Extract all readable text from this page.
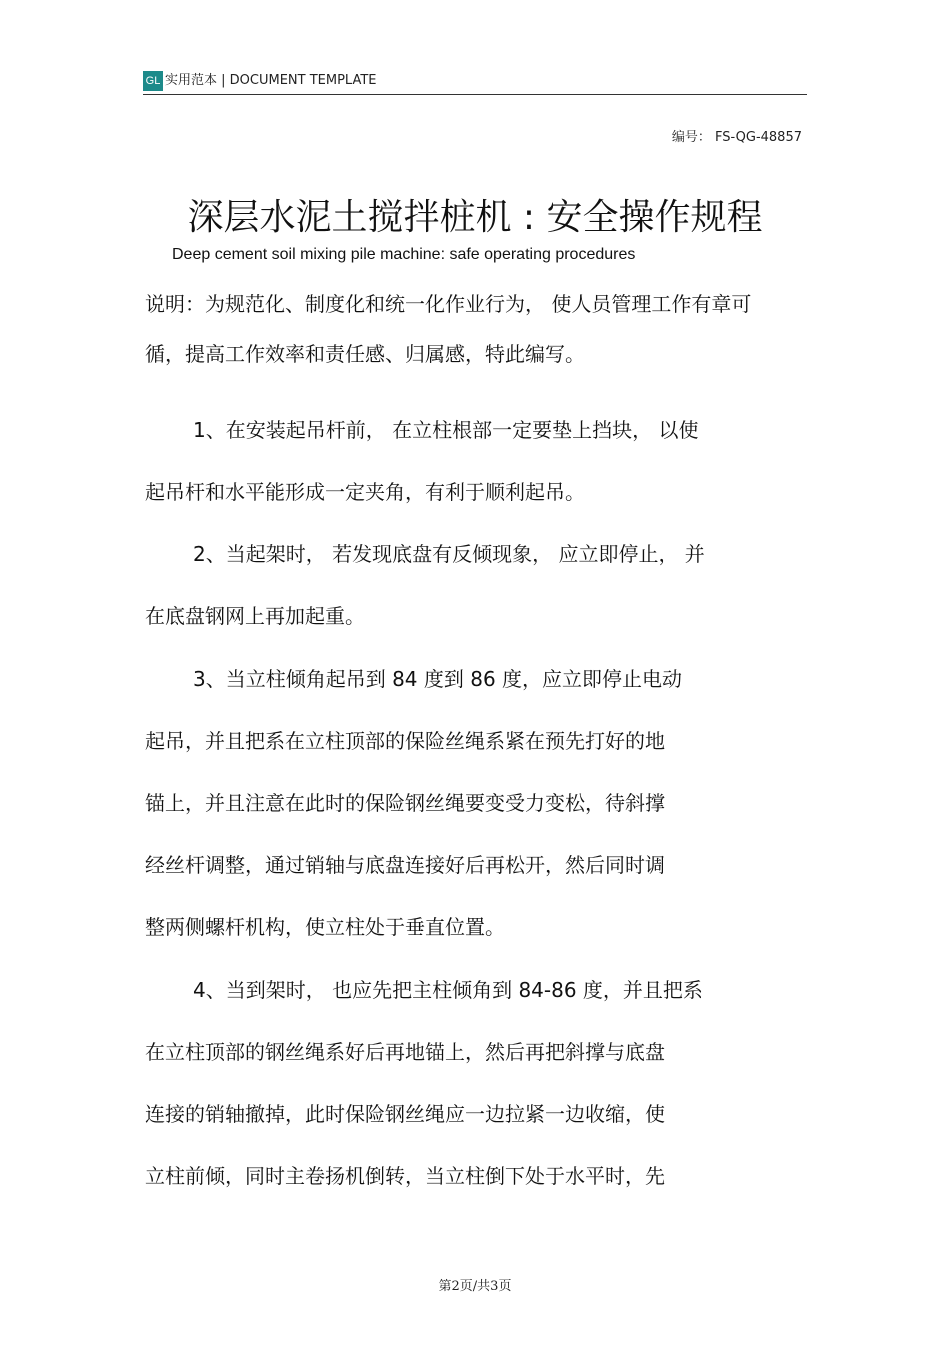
GL 实用范本 | DOCUMENT TEMPLATE
编号： FS-QG-48857
深层水泥土搅拌桩机 : 安全操作规程
Deep cement soil mixing pile machine: safe operating procedures
说明：为规范化、制度化和统一化作业行为， 使人员管理工作有章可
循，提高工作效率和责任感、归属感，特此编写。
1、在安装起吊杆前， 在立柱根部一定要垫上挡块， 以使
起吊杆和水平能形成一定夹角，有利于顺利起吊。
2、当起架时， 若发现底盘有反倾现象， 应立即停止， 并
在底盘钢网上再加起重。
3、当立柱倾角起吊到 84 度到 86 度，应立即停止电动
起吊，并且把系在立柱顶部的保险丝绳系紧在预先打好的地
锚上，并且注意在此时的保险钢丝绳要变受力变松，待斜撑
经丝杆调整，通过销轴与底盘连接好后再松开，然后同时调
整两侧螺杆机构，使立柱处于垂直位置。
4、当到架时， 也应先把主柱倾角到 84-86 度，并且把系
在立柱顶部的钢丝绳系好后再地锚上，然后再把斜撑与底盘
连接的销轴撤掉，此时保险钢丝绳应一边拉紧一边收缩，使
立柱前倾，同时主卷扬机倒转，当立柱倒下处于水平时，先
第2页/共3页
